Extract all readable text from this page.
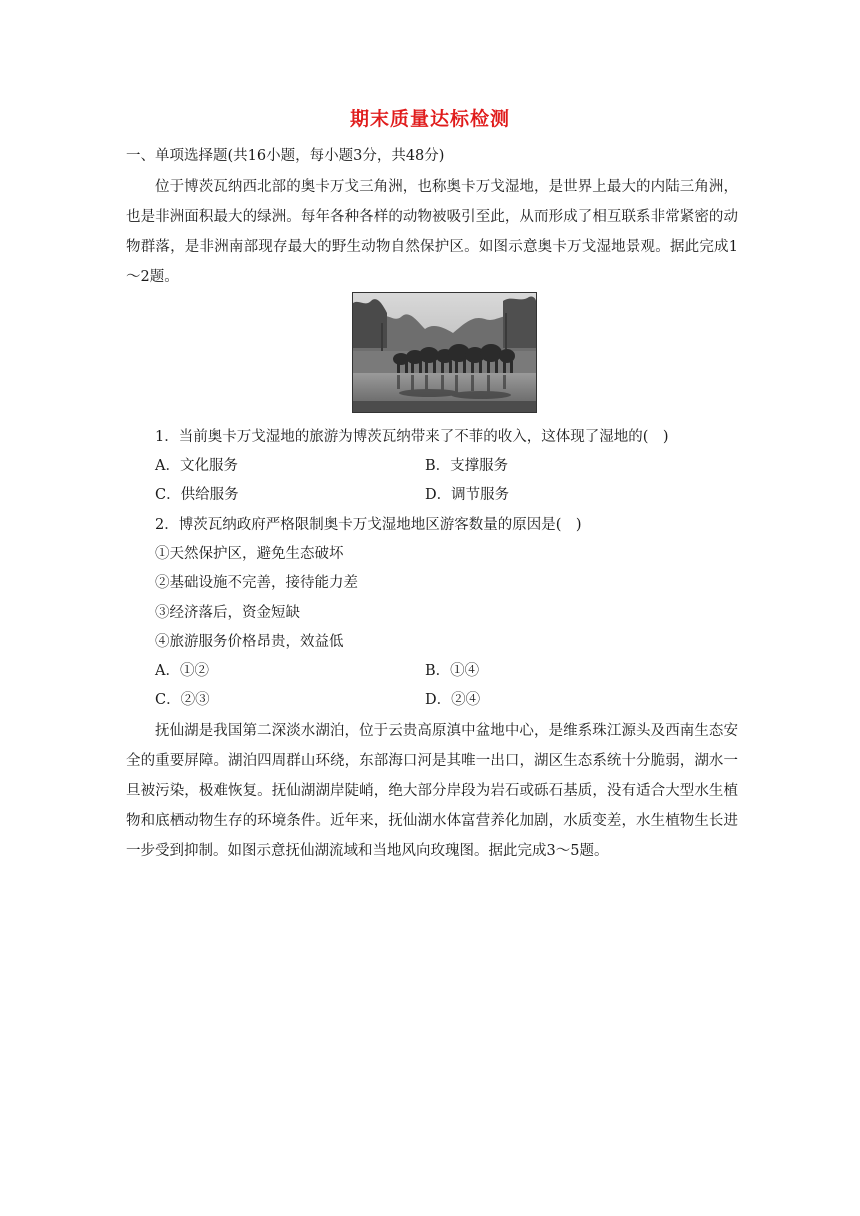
期末质量达标检测
一、单项选择题(共16小题，每小题3分，共48分)
位于博茨瓦纳西北部的奥卡万戈三角洲，也称奥卡万戈湿地，是世界上最大的内陆三角洲，也是非洲面积最大的绿洲。每年各种各样的动物被吸引至此，从而形成了相互联系非常紧密的动物群落，是非洲南部现存最大的野生动物自然保护区。如图示意奥卡万戈湿地景观。据此完成1～2题。
1．当前奥卡万戈湿地的旅游为博茨瓦纳带来了不菲的收入，这体现了湿地的(　)
A．文化服务	B．支撑服务
C．供给服务	D．调节服务
2．博茨瓦纳政府严格限制奥卡万戈湿地地区游客数量的原因是(　)
①天然保护区，避免生态破坏
②基础设施不完善，接待能力差
③经济落后，资金短缺
④旅游服务价格昂贵，效益低
A．①②	B．①④
C．②③	D．②④
抚仙湖是我国第二深淡水湖泊，位于云贵高原滇中盆地中心，是维系珠江源头及西南生态安全的重要屏障。湖泊四周群山环绕，东部海口河是其唯一出口，湖区生态系统十分脆弱，湖水一旦被污染，极难恢复。抚仙湖湖岸陡峭，绝大部分岸段为岩石或砾石基质，没有适合大型水生植物和底栖动物生存的环境条件。近年来，抚仙湖水体富营养化加剧，水质变差，水生植物生长进一步受到抑制。如图示意抚仙湖流域和当地风向玫瑰图。据此完成3～5题。
